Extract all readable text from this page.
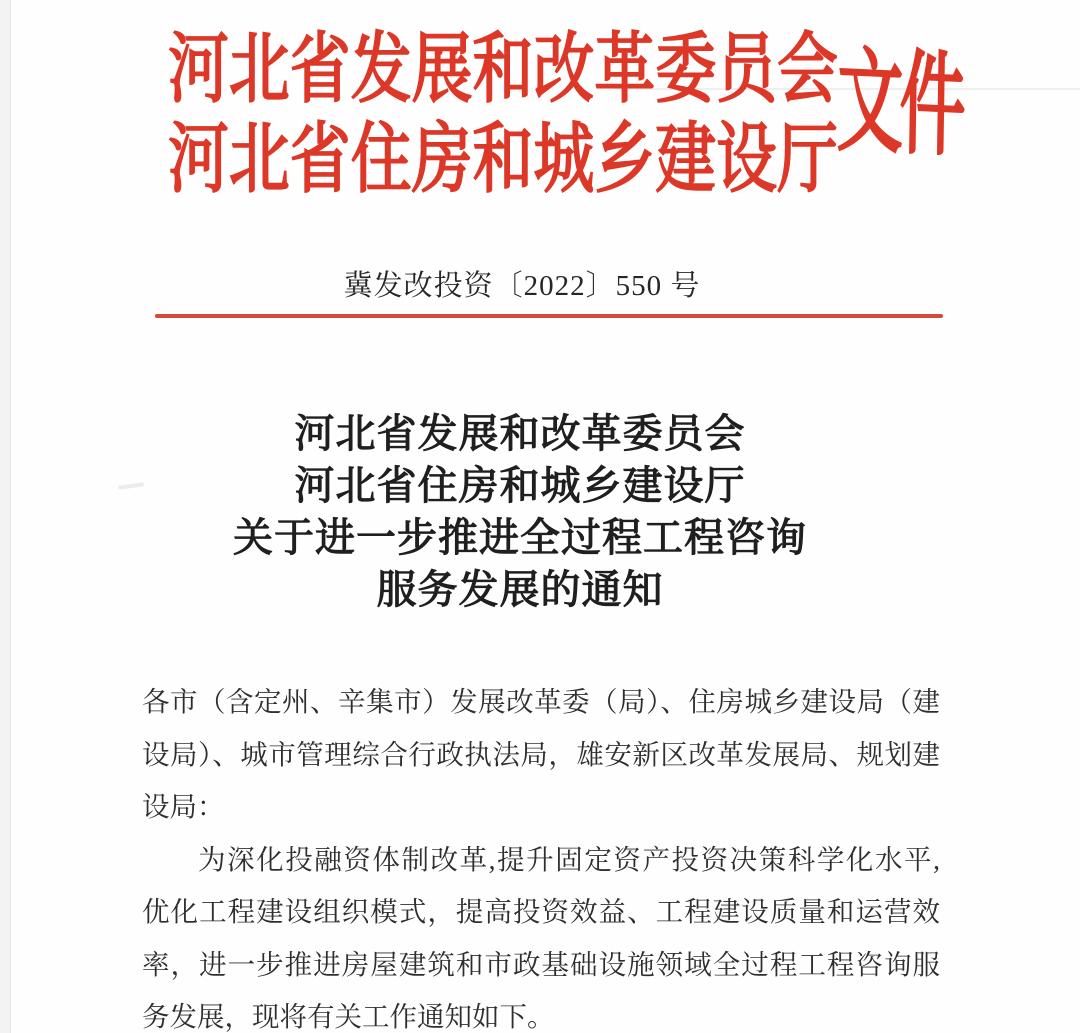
河北省发展和改革委员会
河北省住房和城乡建设厅
文件
冀发改投资〔2022〕550 号
河北省发展和改革委员会
河北省住房和城乡建设厅
关于进一步推进全过程工程咨询
服务发展的通知
各市（含定州、辛集市）发展改革委（局）、住房城乡建设局（建
设局）、城市管理综合行政执法局，雄安新区改革发展局、规划建
设局：
为深化投融资体制改革,提升固定资产投资决策科学化水平,
优化工程建设组织模式，提高投资效益、工程建设质量和运营效
率，进一步推进房屋建筑和市政基础设施领域全过程工程咨询服
务发展，现将有关工作通知如下。
